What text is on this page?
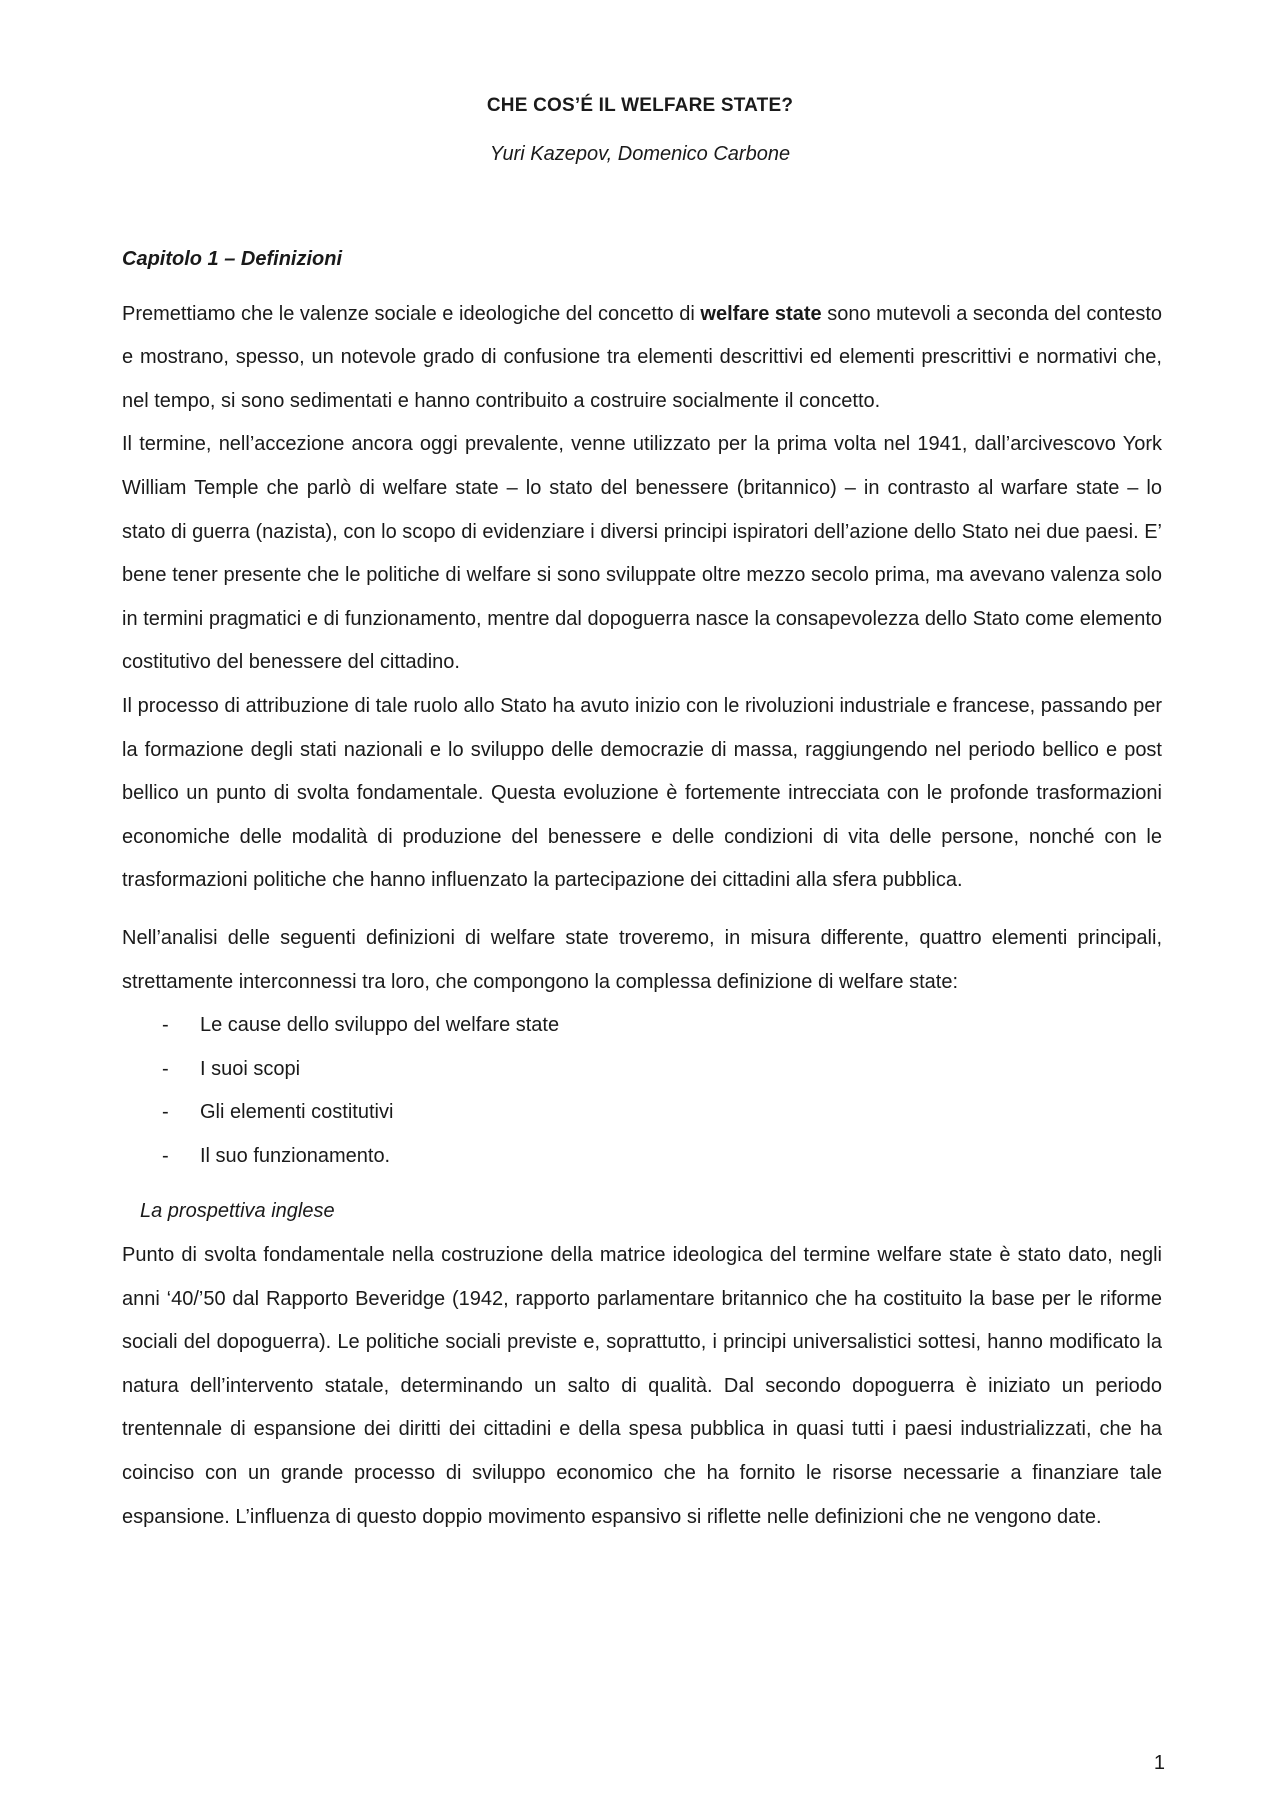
CHE COS’É IL WELFARE STATE?
Yuri Kazepov, Domenico Carbone

Capitolo 1 – Definizioni

Premettiamo che le valenze sociale e ideologiche del concetto di welfare state sono mutevoli a seconda del contesto e mostrano, spesso, un notevole grado di confusione tra elementi descrittivi ed elementi prescrittivi e normativi che, nel tempo, si sono sedimentati e hanno contribuito a costruire socialmente il concetto.

Il termine, nell’accezione ancora oggi prevalente, venne utilizzato per la prima volta nel 1941, dall’arcivescovo York William Temple che parlò di welfare state – lo stato del benessere (britannico) – in contrasto al warfare state – lo stato di guerra (nazista), con lo scopo di evidenziare i diversi principi ispiratori dell’azione dello Stato nei due paesi. E’ bene tener presente che le politiche di welfare si sono sviluppate oltre mezzo secolo prima, ma avevano valenza solo in termini pragmatici e di funzionamento, mentre dal dopoguerra nasce la consapevolezza dello Stato come elemento costitutivo del benessere del cittadino.

Il processo di attribuzione di tale ruolo allo Stato ha avuto inizio con le rivoluzioni industriale e francese, passando per la formazione degli stati nazionali e lo sviluppo delle democrazie di massa, raggiungendo nel periodo bellico e post bellico un punto di svolta fondamentale. Questa evoluzione è fortemente intrecciata con le profonde trasformazioni economiche delle modalità di produzione del benessere e delle condizioni di vita delle persone, nonché con le trasformazioni politiche che hanno influenzato la partecipazione dei cittadini alla sfera pubblica.

Nell’analisi delle seguenti definizioni di welfare state troveremo, in misura differente, quattro elementi principali, strettamente interconnessi tra loro, che compongono la complessa definizione di welfare state:

- Le cause dello sviluppo del welfare state
- I suoi scopi
- Gli elementi costitutivi
- Il suo funzionamento.

La prospettiva inglese

Punto di svolta fondamentale nella costruzione della matrice ideologica del termine welfare state è stato dato, negli anni ‘40/’50 dal Rapporto Beveridge (1942, rapporto parlamentare britannico che ha costituito la base per le riforme sociali del dopoguerra). Le politiche sociali previste e, soprattutto, i principi universalistici sottesi, hanno modificato la natura dell’intervento statale, determinando un salto di qualità. Dal secondo dopoguerra è iniziato un periodo trentennale di espansione dei diritti dei cittadini e della spesa pubblica in quasi tutti i paesi industrializzati, che ha coinciso con un grande processo di sviluppo economico che ha fornito le risorse necessarie a finanziare tale espansione. L’influenza di questo doppio movimento espansivo si riflette nelle definizioni che ne vengono date.

1
